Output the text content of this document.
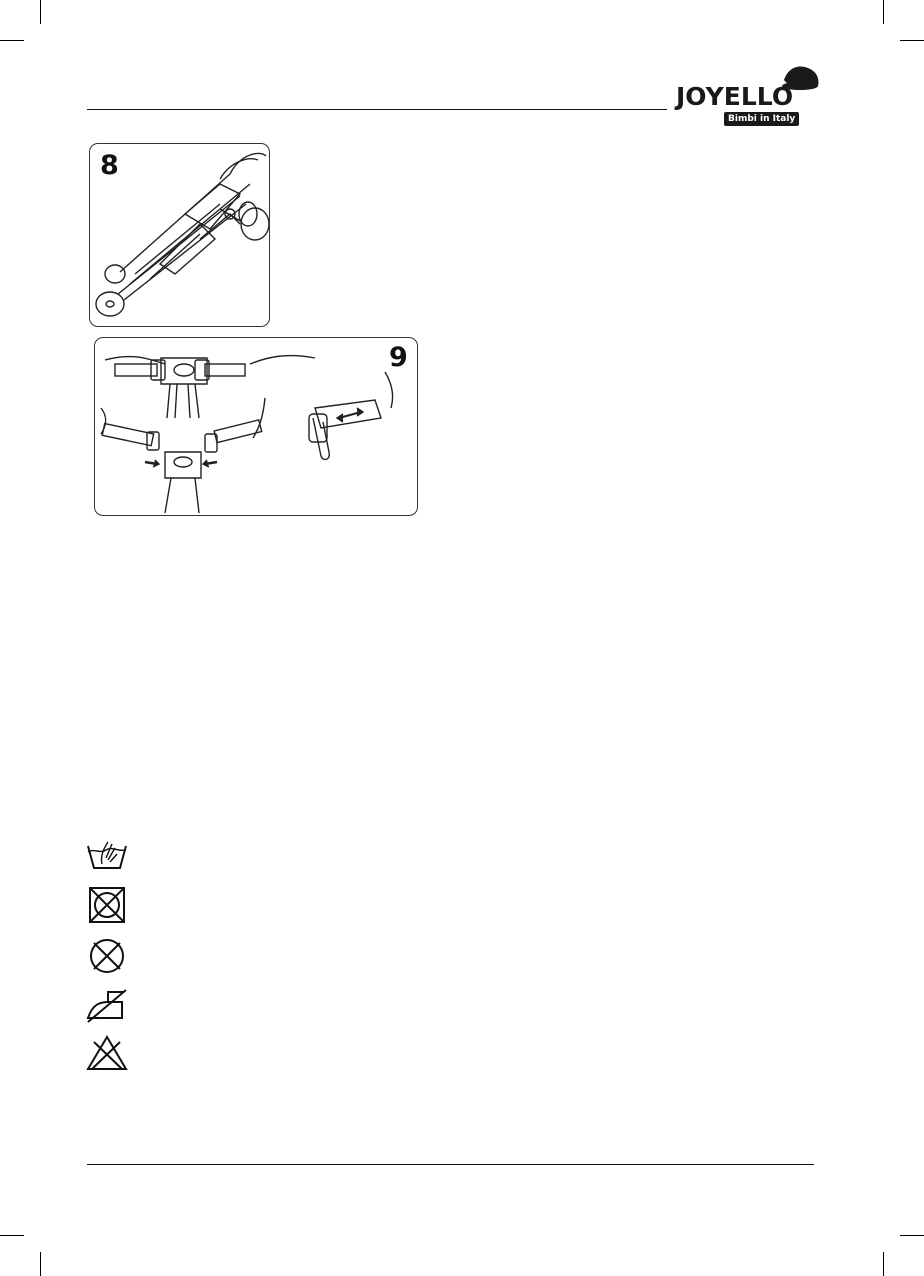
JOYELLO
Bimbi in Italy
8
9
